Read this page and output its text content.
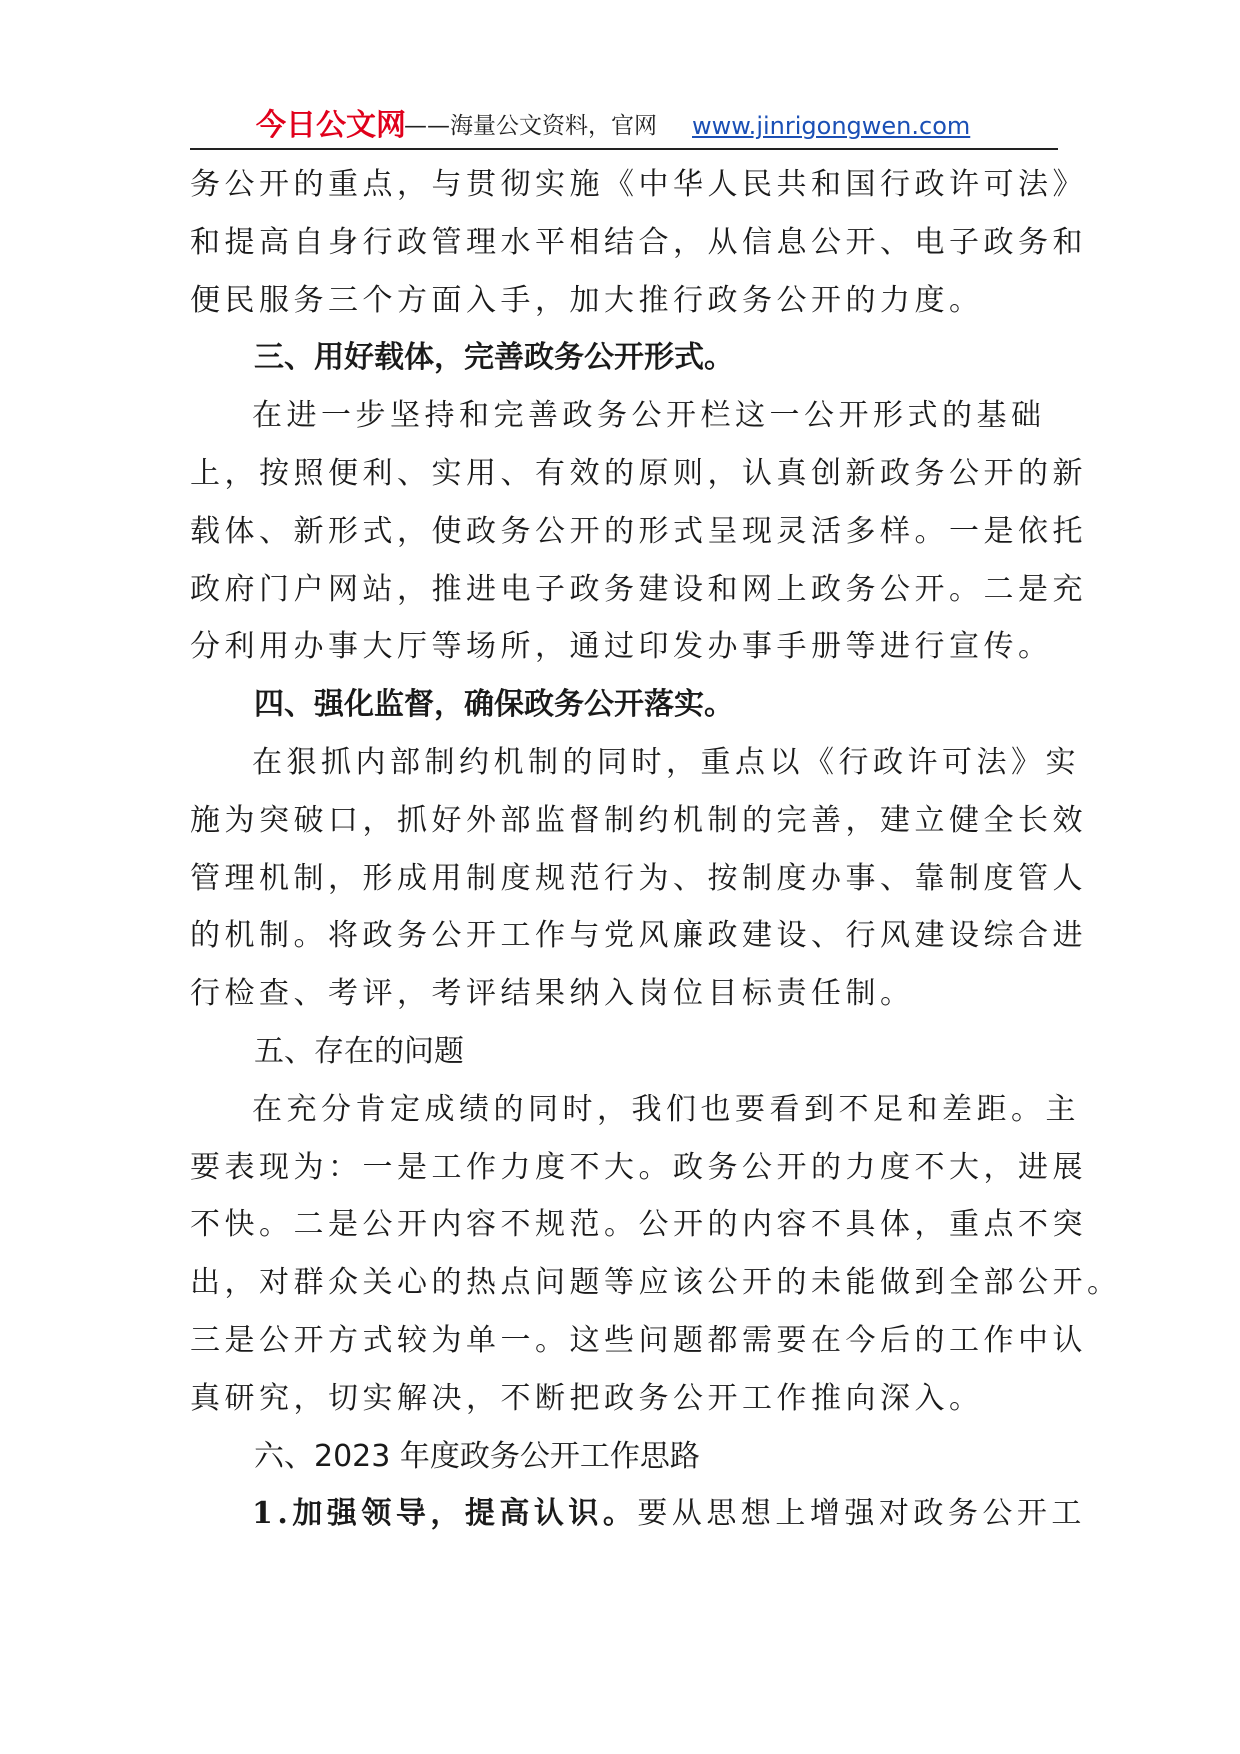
今日公文网
——海量公文资料，官网 www.jinrigongwen.com

务公开的重点，与贯彻实施《中华人民共和国行政许可法》

和提高自身行政管理水平相结合，从信息公开、电子政务和

便民服务三个方面入手，加大推行政务公开的力度。

三、用好载体，完善政务公开形式。

在进一步坚持和完善政务公开栏这一公开形式的基础

上，按照便利、实用、有效的原则，认真创新政务公开的新

载体、新形式，使政务公开的形式呈现灵活多样。一是依托

政府门户网站，推进电子政务建设和网上政务公开。二是充

分利用办事大厅等场所，通过印发办事手册等进行宣传。

四、强化监督，确保政务公开落实。

在狠抓内部制约机制的同时，重点以《行政许可法》实

施为突破口，抓好外部监督制约机制的完善，建立健全长效

管理机制，形成用制度规范行为、按制度办事、靠制度管人

的机制。将政务公开工作与党风廉政建设、行风建设综合进

行检查、考评，考评结果纳入岗位目标责任制。

五、存在的问题

在充分肯定成绩的同时，我们也要看到不足和差距。主

要表现为：一是工作力度不大。政务公开的力度不大，进展

不快。二是公开内容不规范。公开的内容不具体，重点不突

出，对群众关心的热点问题等应该公开的未能做到全部公开。

三是公开方式较为单一。这些问题都需要在今后的工作中认

真研究，切实解决，不断把政务公开工作推向深入。

六、2023 年度政务公开工作思路

1.加强领导，提高认识。要从思想上增强对政务公开工
